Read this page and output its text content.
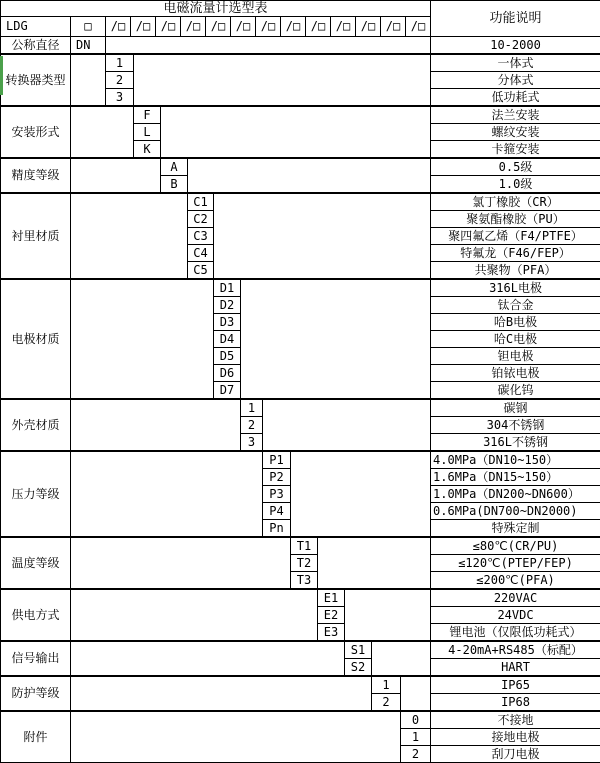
电磁流量计选型表														功能说明
LDG	□	/□ /□ /□ /□ /□ /□ /□ /□ /□ /□ /□ /□ /□

公称直径	DN													10-2000
转换器类型		1												一体式
		2												分体式
		3												低功耗式
安装形式			F											法兰安装
			L											螺纹安装
			K											卡箍安装
精度等级				A										0.5级
				B										1.0级
衬里材质					C1									氯丁橡胶（CR）
					C2									聚氨酯橡胶（PU）
					C3									聚四氟乙烯（F4/PTFE）
					C4									特氟龙（F46/FEP）
					C5									共聚物（PFA）
电极材质						D1								316L电极
						D2								钛合金
						D3								哈B电极
						D4								哈C电极
						D5								钽电极
						D6								铂铱电极
						D7								碳化钨
外壳材质							1							碳钢
							2							304不锈钢
							3							316L不锈钢
压力等级								P1						4.0MPa（DN10~150）
								P2						1.6MPa（DN15~150）
								P3						1.0MPa（DN200~DN600）
								P4						0.6MPa(DN700~DN2000)
								Pn						特殊定制
温度等级									T1					≤80℃(CR/PU)
									T2					≤120℃(PTEP/FEP)
									T3					≤200℃(PFA)
供电方式										E1				220VAC
										E2				24VDC
										E3				锂电池（仅限低功耗式）
信号输出											S1			4-20mA+RS485（标配）
											S2			HART
防护等级												1		IP65
												2		IP68
附件													0	不接地
													1	接地电极
													2	刮刀电极
